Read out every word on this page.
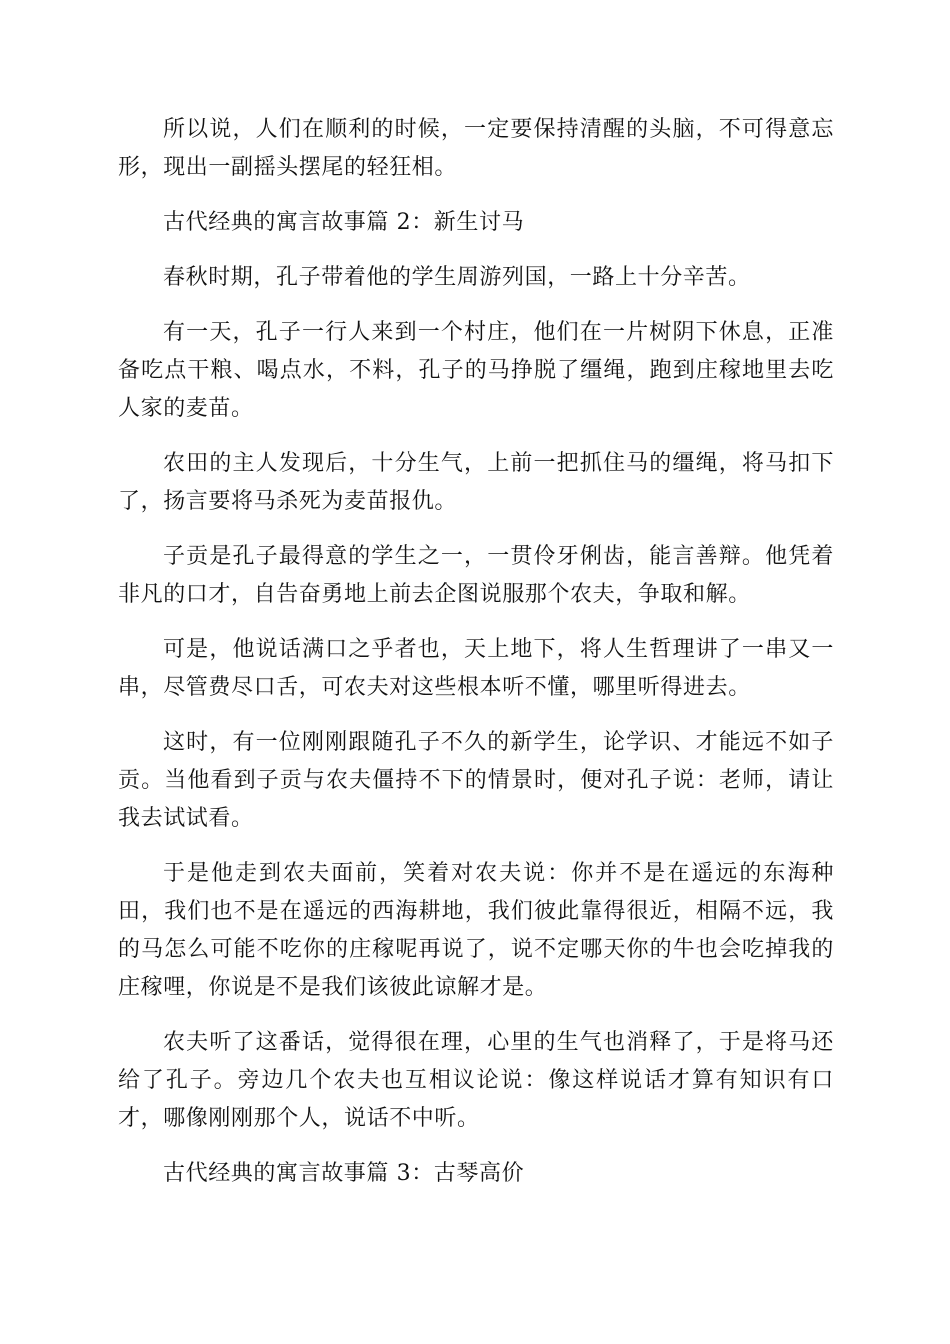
所以说，人们在顺利的时候，一定要保持清醒的头脑，不可得意忘形，现出一副摇头摆尾的轻狂相。

古代经典的寓言故事篇 2：新生讨马

春秋时期，孔子带着他的学生周游列国，一路上十分辛苦。

有一天，孔子一行人来到一个村庄，他们在一片树阴下休息，正准备吃点干粮、喝点水，不料，孔子的马挣脱了缰绳，跑到庄稼地里去吃人家的麦苗。

农田的主人发现后，十分生气，上前一把抓住马的缰绳，将马扣下了，扬言要将马杀死为麦苗报仇。

子贡是孔子最得意的学生之一，一贯伶牙俐齿，能言善辩。他凭着非凡的口才，自告奋勇地上前去企图说服那个农夫，争取和解。

可是，他说话满口之乎者也，天上地下，将人生哲理讲了一串又一串，尽管费尽口舌，可农夫对这些根本听不懂，哪里听得进去。

这时，有一位刚刚跟随孔子不久的新学生，论学识、才能远不如子贡。当他看到子贡与农夫僵持不下的情景时，便对孔子说：老师，请让我去试试看。

于是他走到农夫面前，笑着对农夫说：你并不是在遥远的东海种田，我们也不是在遥远的西海耕地，我们彼此靠得很近，相隔不远，我的马怎么可能不吃你的庄稼呢再说了，说不定哪天你的牛也会吃掉我的庄稼哩，你说是不是我们该彼此谅解才是。

农夫听了这番话，觉得很在理，心里的生气也消释了，于是将马还给了孔子。旁边几个农夫也互相议论说：像这样说话才算有知识有口才，哪像刚刚那个人，说话不中听。

古代经典的寓言故事篇 3：古琴高价
